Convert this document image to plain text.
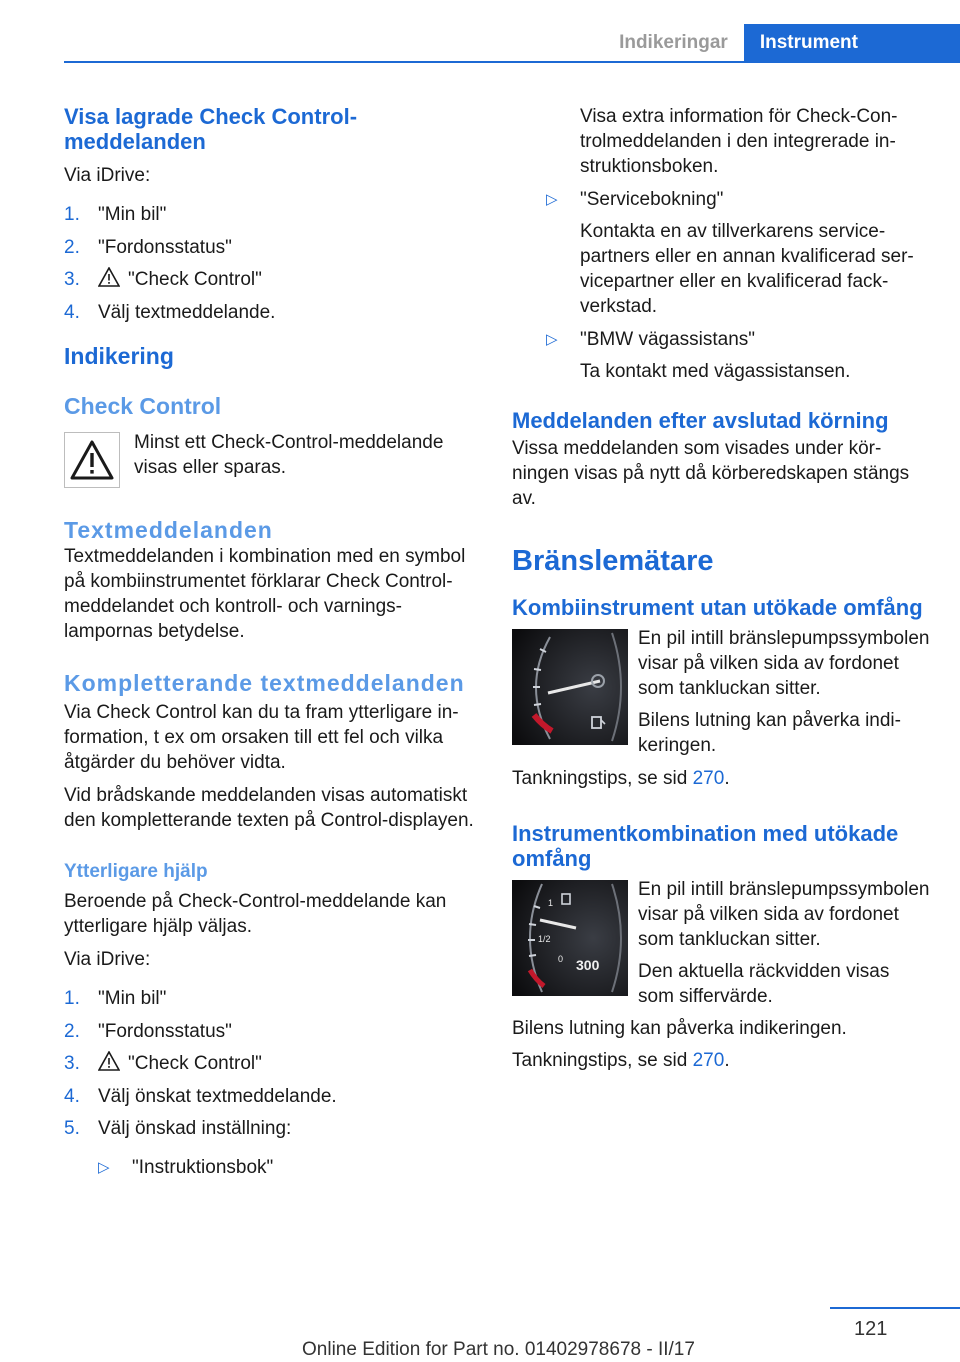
Indikeringar	Instrument
Visa lagrade Check Control-meddelanden

Via iDrive:

1. "Min bil"
2. "Fordonsstatus"
3.	"Check Control"
4. Välj textmeddelande.
Indikering
Check Control

Minst ett Check-Control-meddelande visas eller sparas.

Textmeddelanden

Textmeddelanden i kombination med en symbol på kombiinstrumentet förklarar Check Control-meddelandet och kontroll- och varningslampornas betydelse.

Kompletterande textmeddelanden

Via Check Control kan du ta fram ytterligare information, t ex om orsaken till ett fel och vilka åtgärder du behöver vidta.

Vid brådskande meddelanden visas automatiskt den kompletterande texten på Control-displayen.

Ytterligare hjälp

Beroende på Check-Control-meddelande kan ytterligare hjälp väljas.

Via iDrive:

1. "Min bil"
2. "Fordonsstatus"
3.	"Check Control"
4. Välj önskat textmeddelande.
5. Välj önskad inställning:
▷	"Instruktionsbok"

Visa extra information för Check-Controlmeddelanden i den integrerade instruktionsboken.

▷	"Servicebokning"

Kontakta en av tillverkarens servicepartners eller en annan kvalificerad servicepartner eller en kvalificerad fackverkstad.

▷	"BMW vägassistans"

Ta kontakt med vägassistansen.

Meddelanden efter avslutad körning

Vissa meddelanden som visades under körningen visas på nytt då körberedskapen stängs av.

Bränslemätare
Kombiinstrument utan utökade omfång

En pil intill bränslepumpssymbolen visar på vilken sida av fordonet som tankluckan sitter.

Bilens lutning kan påverka indikeringen.

Tankningstips, se sid 270.

Instrumentkombination med utökade omfång
1
1/2
0 300

En pil intill bränslepumpssymbolen visar på vilken sida av fordonet som tankluckan sitter.

Den aktuella räckvidden visas som siffervärde.

Bilens lutning kan påverka indikeringen.

Tankningstips, se sid 270.

121
Online Edition for Part no. 01402978678 - II/17
